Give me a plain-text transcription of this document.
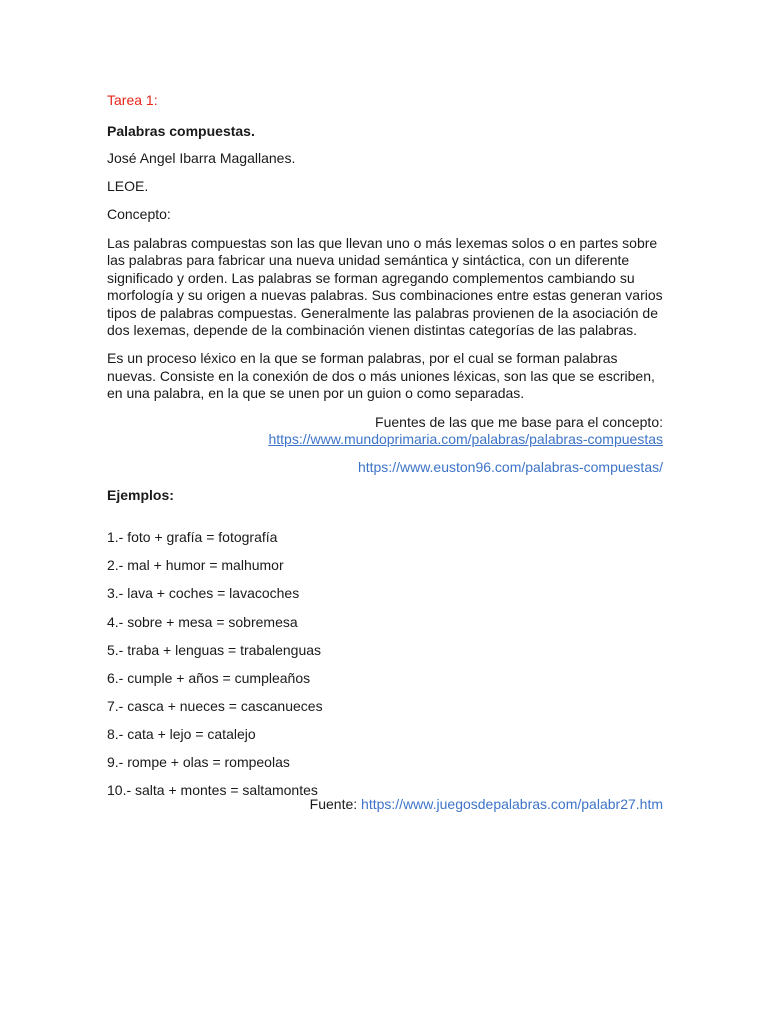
Tarea 1:

Palabras compuestas.

José Angel Ibarra Magallanes.

LEOE.

Concepto:

Las palabras compuestas son las que llevan uno o más lexemas solos o en partes sobre

las palabras para fabricar una nueva unidad semántica y sintáctica, con un diferente

significado y orden. Las palabras se forman agregando complementos cambiando su

morfología y su origen a nuevas palabras. Sus combinaciones entre estas generan varios

tipos de palabras compuestas. Generalmente las palabras provienen de la asociación de

dos lexemas, depende de la combinación vienen distintas categorías de las palabras.

Es un proceso léxico en la que se forman palabras, por el cual se forman palabras

nuevas. Consiste en la conexión de dos o más uniones léxicas, son las que se escriben,

en una palabra, en la que se unen por un guion o como separadas.

Fuentes de las que me base para el concepto:

https://www.mundoprimaria.com/palabras/palabras-compuestas
https://www.euston96.com/palabras-compuestas/

Ejemplos:

1.- foto + grafía = fotografía

2.- mal + humor = malhumor

3.- lava + coches = lavacoches

4.- sobre + mesa = sobremesa

5.- traba + lenguas = trabalenguas

6.- cumple + años = cumpleaños

7.- casca + nueces = cascanueces

8.- cata + lejo = catalejo

9.- rompe + olas = rompeolas

10.- salta + montes = saltamontes

Fuente: https://www.juegosdepalabras.com/palabr27.htm
